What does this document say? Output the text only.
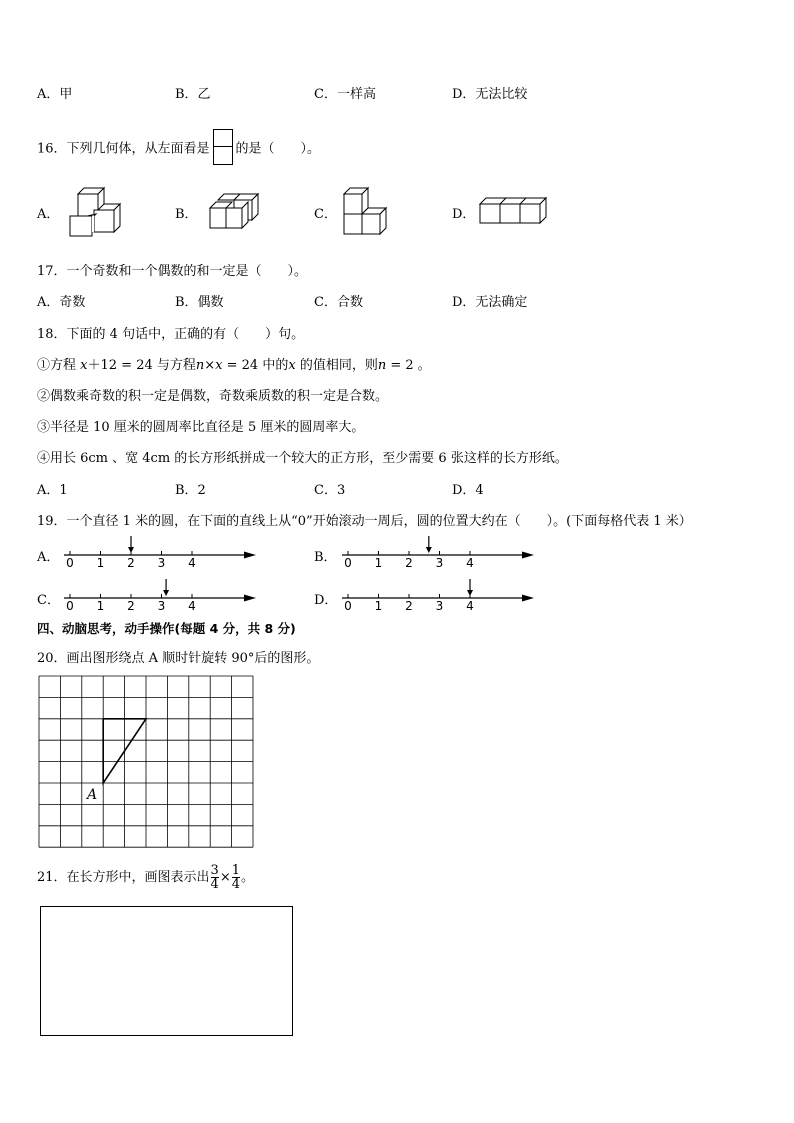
A．甲	B．乙	C．一样高	D．无法比较
16．下列几何体，从左面看是 的是（　　）。
A．	B．	C．	D．
17．一个奇数和一个偶数的和一定是（　　）。
A．奇数	B．偶数	C．合数	D．无法确定
18．下面的 4 句话中，正确的有（　　）句。
①方程 x＋12 = 24 与方程n×x = 24 中的x 的值相同，则n = 2 。
②偶数乘奇数的积一定是偶数，奇数乘质数的积一定是合数。
③半径是 10 厘米的圆周率比直径是 5 厘米的圆周率大。
④用长 6cm 、宽 4cm 的长方形纸拼成一个较大的正方形，至少需要 6 张这样的长方形纸。
A．1	B．2	C．3	D．4
19．一个直径 1 米的圆，在下面的直线上从“0”开始滚动一周后，圆的位置大约在（　　）。(下面每格代表 1 米）
A．	B．
C．	D．
0 1 2 3 4	0 1 2 3 4
0 1 2 3 4	0 1 2 3 4
四、动脑思考，动手操作(每题 4 分，共 8 分)
20．画出图形绕点 A 顺时针旋转 90°后的图形。
A
21．在长方形中，画图表示出 $\frac{3}{4} \times \frac{1}{4}$ 。
